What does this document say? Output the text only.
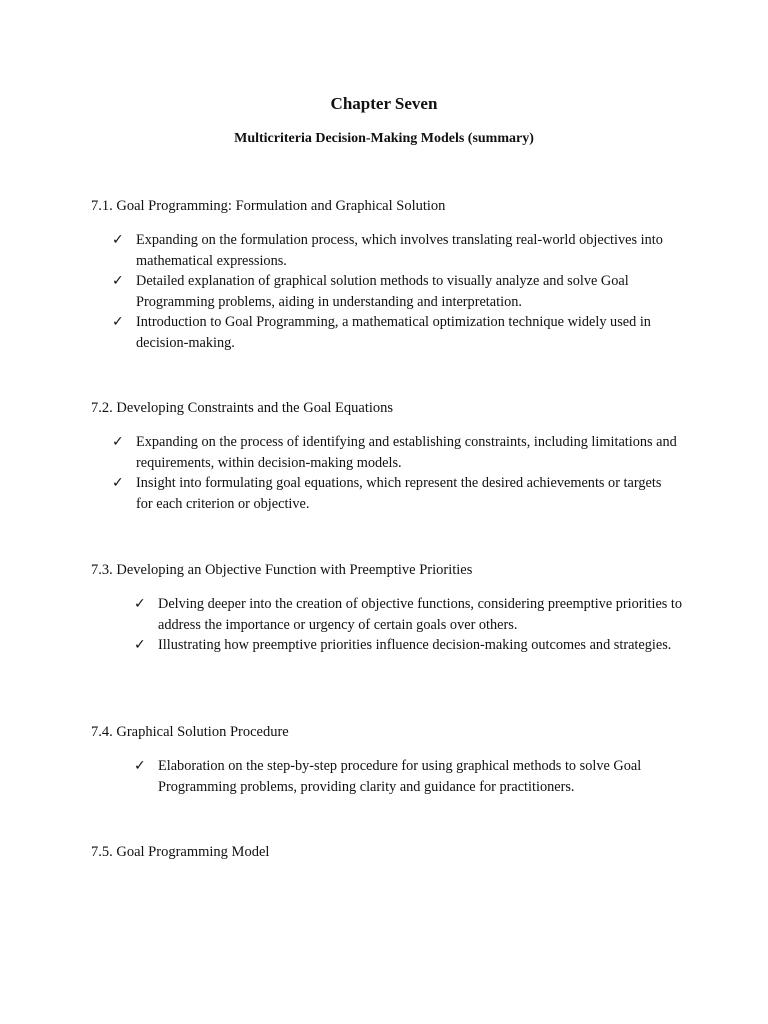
Chapter Seven
Multicriteria Decision-Making Models (summary)

7.1. Goal Programming: Formulation and Graphical Solution

✓ Expanding on the formulation process, which involves translating real-world objectives into mathematical expressions.
✓ Detailed explanation of graphical solution methods to visually analyze and solve Goal Programming problems, aiding in understanding and interpretation.
✓ Introduction to Goal Programming, a mathematical optimization technique widely used in decision-making.

7.2. Developing Constraints and the Goal Equations

✓ Expanding on the process of identifying and establishing constraints, including limitations and requirements, within decision-making models.
✓ Insight into formulating goal equations, which represent the desired achievements or targets for each criterion or objective.

7.3. Developing an Objective Function with Preemptive Priorities

✓ Delving deeper into the creation of objective functions, considering preemptive priorities to address the importance or urgency of certain goals over others.
✓ Illustrating how preemptive priorities influence decision-making outcomes and strategies.

7.4. Graphical Solution Procedure

✓ Elaboration on the step-by-step procedure for using graphical methods to solve Goal Programming problems, providing clarity and guidance for practitioners.

7.5. Goal Programming Model
